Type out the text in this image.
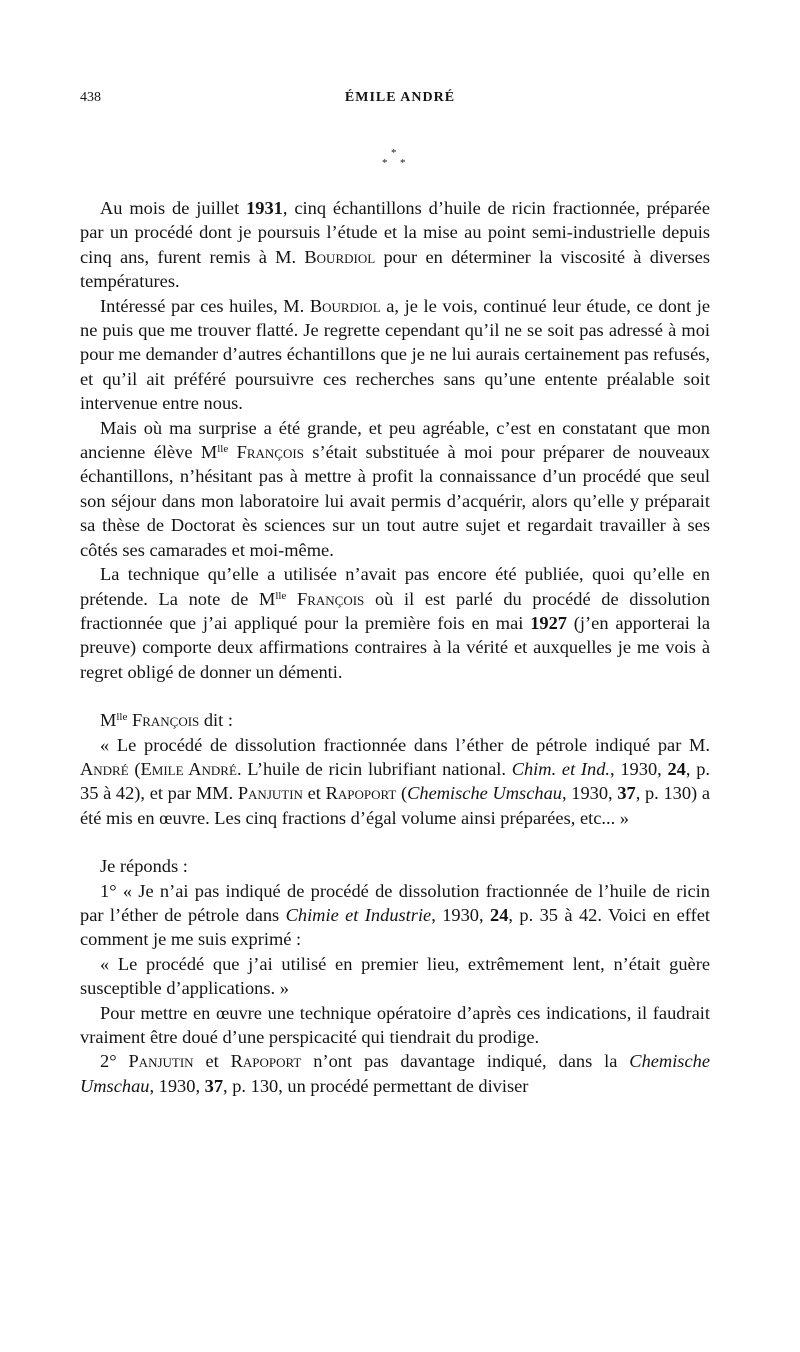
438	ÉMILE ANDRÉ
*
* *

Au mois de juillet 1931, cinq échantillons d’huile de ricin fractionnée, préparée par un procédé dont je poursuis l’étude et la mise au point semi-industrielle depuis cinq ans, furent remis à M. Bourdiol pour en déterminer la viscosité à diverses températures.

Intéressé par ces huiles, M. Bourdiol a, je le vois, continué leur étude, ce dont je ne puis que me trouver flatté. Je regrette cependant qu’il ne se soit pas adressé à moi pour me demander d’autres échantillons que je ne lui aurais certainement pas refusés, et qu’il ait préféré poursuivre ces recherches sans qu’une entente préalable soit intervenue entre nous.

Mais où ma surprise a été grande, et peu agréable, c’est en constatant que mon ancienne élève $M^{lle}$ François s’était substituée à moi pour préparer de nouveaux échantillons, n’hésitant pas à mettre à profit la connaissance d’un procédé que seul son séjour dans mon laboratoire lui avait permis d’acquérir, alors qu’elle y préparait sa thèse de Doctorat ès sciences sur un tout autre sujet et regardait travailler à ses côtés ses camarades et moi-même.

La technique qu’elle a utilisée n’avait pas encore été publiée, quoi qu’elle en prétende. La note de $M^{lle}$ François où il est parlé du procédé de dissolution fractionnée que j’ai appliqué pour la première fois en mai 1927 (j’en apporterai la preuve) comporte deux affirmations contraires à la vérité et auxquelles je me vois à regret obligé de donner un démenti.

$M^{lle}$ François dit :

« Le procédé de dissolution fractionnée dans l’éther de pétrole indiqué par M. André (Emile André. L’huile de ricin lubrifiant national. Chim. et Ind., 1930, 24, p. 35 à 42), et par MM. Panjutin et Rapoport (Chemische Umschau, 1930, 37, p. 130) a été mis en œuvre. Les cinq fractions d’égal volume ainsi préparées, etc... »

Je réponds :

1° « Je n’ai pas indiqué de procédé de dissolution fractionnée de l’huile de ricin par l’éther de pétrole dans Chimie et Industrie, 1930, 24, p. 35 à 42. Voici en effet comment je me suis exprimé :

« Le procédé que j’ai utilisé en premier lieu, extrêmement lent, n’était guère susceptible d’applications. »

Pour mettre en œuvre une technique opératoire d’après ces indications, il faudrait vraiment être doué d’une perspicacité qui tiendrait du prodige.

2° Panjutin et Rapoport n’ont pas davantage indiqué, dans la Chemische Umschau, 1930, 37, p. 130, un procédé permettant de diviser
